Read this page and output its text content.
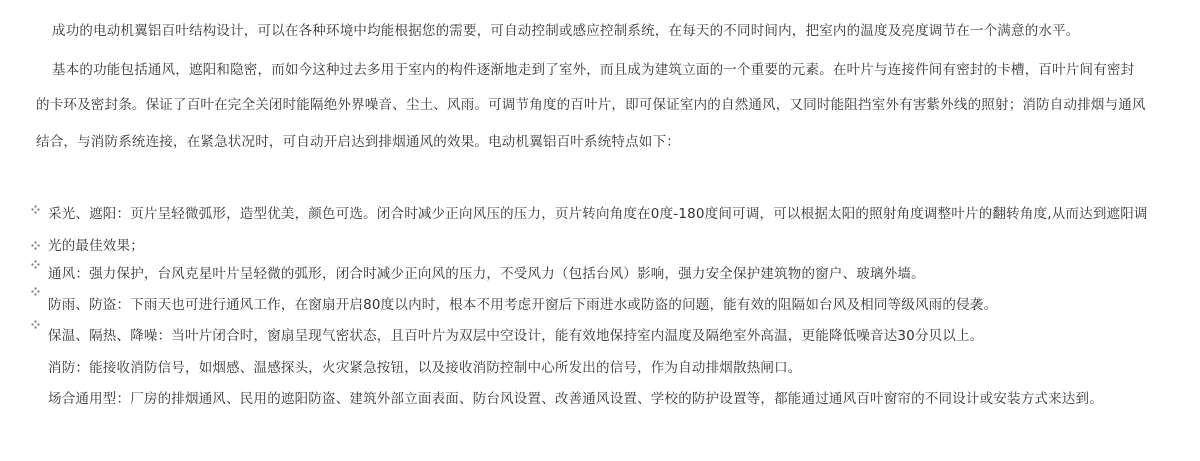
成功的电动机翼铝百叶结构设计，可以在各种环境中均能根据您的需要，可自动控制或感应控制系统，在每天的不同时间内，把室内的温度及亮度调节在一个满意的水平。
基本的功能包括通风，遮阳和隐密，而如今这种过去多用于室内的构件逐渐地走到了室外，而且成为建筑立面的一个重要的元素。在叶片与连接件间有密封的卡槽，百叶片间有密封
的卡环及密封条。保证了百叶在完全关闭时能隔绝外界噪音、尘土、风雨。可调节角度的百叶片，即可保证室内的自然通风，又同时能阻挡室外有害紫外线的照射；消防自动排烟与通风
结合，与消防系统连接，在紧急状况时，可自动开启达到排烟通风的效果。电动机翼铝百叶系统特点如下：
采光、遮阳：页片呈轻微弧形，造型优美，颜色可选。闭合时减少正向风压的压力，页片转向角度在0度-180度间可调，可以根据太阳的照射角度调整叶片的翻转角度,从而达到遮阳调
光的最佳效果；
通风：强力保护，台风克星叶片呈轻微的弧形，闭合时减少正向风的压力，不受风力（包括台风）影响，强力安全保护建筑物的窗户、玻璃外墙。
防雨、防盗：下雨天也可进行通风工作，在窗扇开启80度以内时，根本不用考虑开窗后下雨进水或防盗的问题，能有效的阻隔如台风及相同等级风雨的侵袭。
保温、隔热、降噪：当叶片闭合时，窗扇呈现气密状态，且百叶片为双层中空设计，能有效地保持室内温度及隔绝室外高温，更能降低噪音达30分贝以上。
消防：能接收消防信号，如烟感、温感探头，火灾紧急按钮，以及接收消防控制中心所发出的信号，作为自动排烟散热闸口。
场合通用型：厂房的排烟通风、民用的遮阳防盗、建筑外部立面表面、防台风设置、改善通风设置、学校的防护设置等，都能通过通风百叶窗帘的不同设计或安装方式来达到。
